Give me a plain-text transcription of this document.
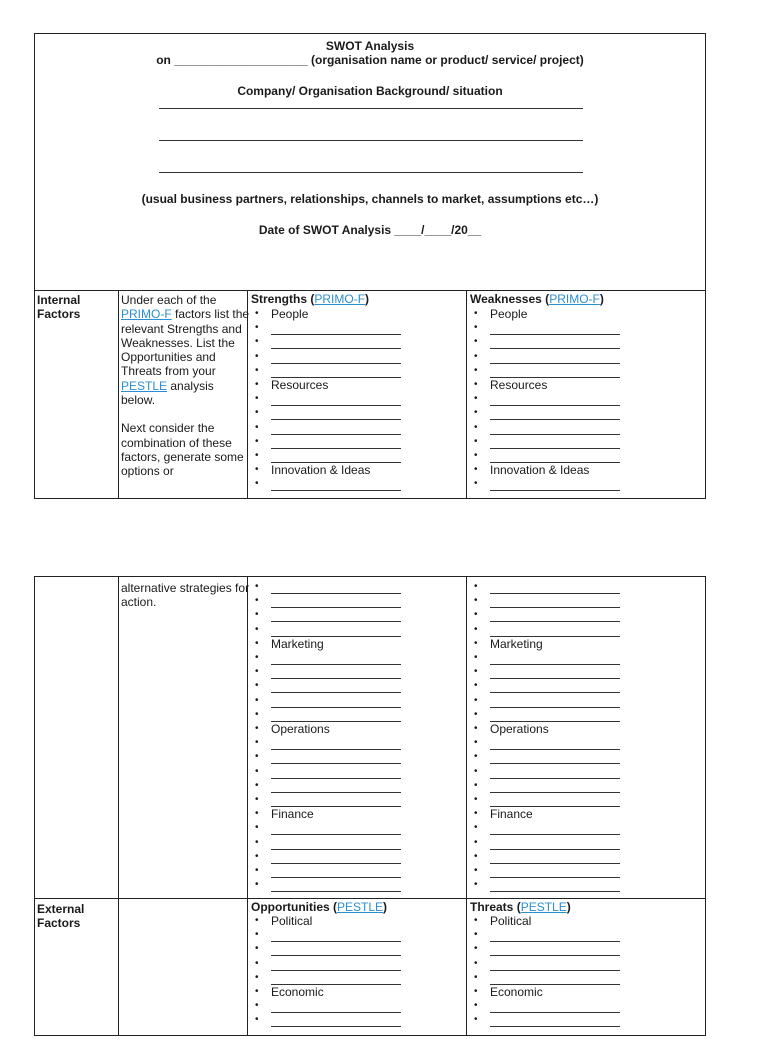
SWOT Analysis
on ____________________ (organisation name or product/ service/ project)
Company/ Organisation Background/ situation
(usual business partners, relationships, channels to market, assumptions etc…)
Date of SWOT Analysis ____/____/20__
Internal
Factors

Under each of the PRIMO-F factors list the relevant Strengths and Weaknesses. List the Opportunities and Threats from your PESTLE analysis below.

Next consider the combination of these factors, generate some options or

Strengths (PRIMO-F)
• People
•
•
•
•
• Resources
•
•
•
•
•
• Innovation & Ideas
•
Weaknesses (PRIMO-F)
• People
•
•
•
•
• Resources
•
•
•
•
•
• Innovation & Ideas
•

alternative strategies for action.

•
•
•
•
• Marketing
•
•
•
•
•
• Operations
•
•
•
•
•
• Finance
•
•
•
•
•
•
•
•
•
• Marketing
•
•
•
•
•
• Operations
•
•
•
•
•
• Finance
•
•
•
•
•
External
Factors
Opportunities (PESTLE)
• Political
•
•
•
•
• Economic
•
•
Threats (PESTLE)
• Political
•
•
•
•
• Economic
•
•
